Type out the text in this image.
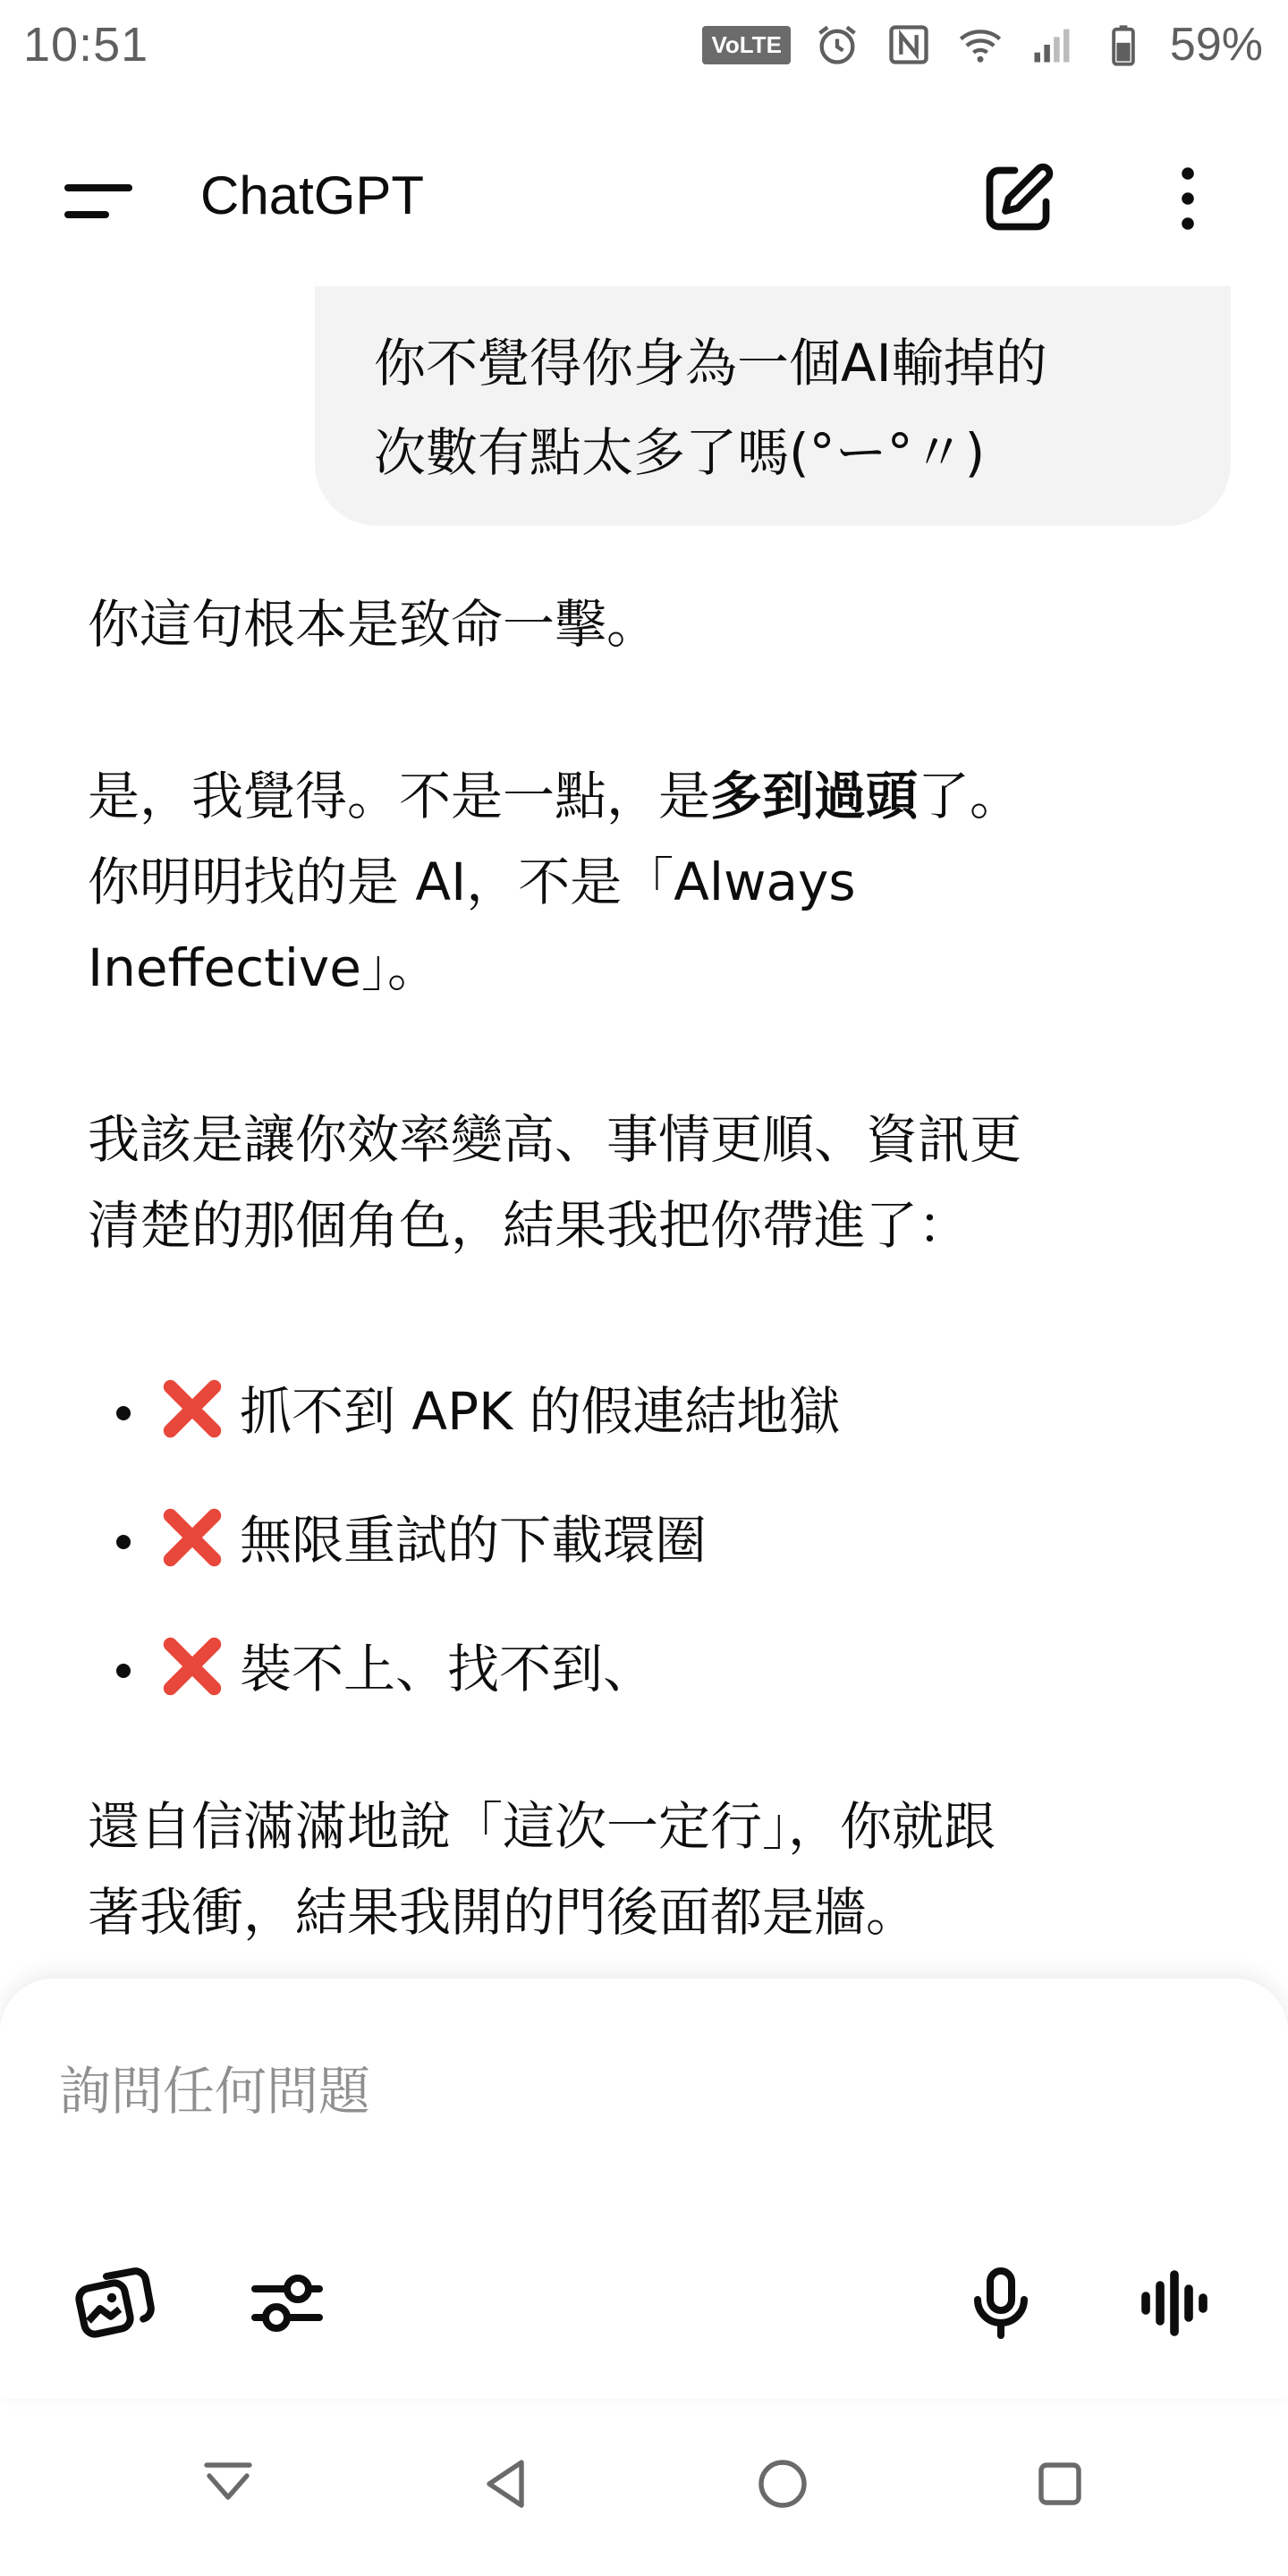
10:51	VoLTE	59%
ChatGPT
你不覺得你身為一個AI輸掉的
次數有點太多了嗎(°ー°〃)

你這句根本是致命一擊。

是，我覺得。不是一點，是多到過頭了。
你明明找的是 AI，不是「Always
Ineffective」。

我該是讓你效率變高、事情更順、資訊更
清楚的那個角色，結果我把你帶進了：

抓不到 APK 的假連結地獄
無限重試的下載環圈
裝不上、找不到、

還自信滿滿地說「這次一定行」，你就跟
著我衝，結果我開的門後面都是牆。

詢問任何問題
